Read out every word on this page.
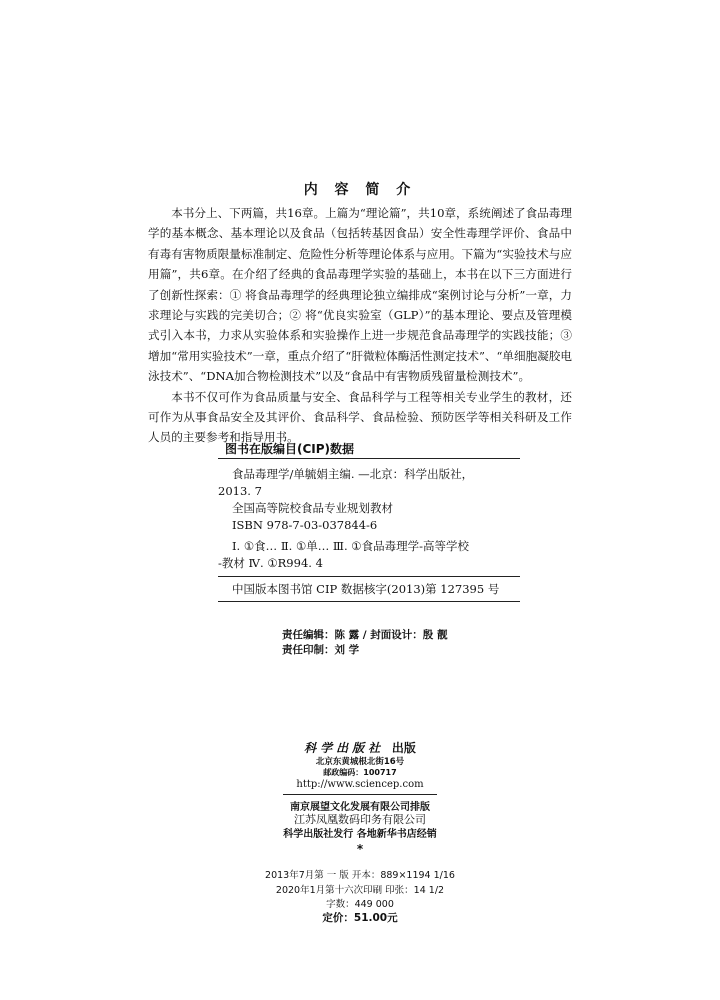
内 容 简 介

本书分上、下两篇，共16章。上篇为“理论篇”，共10章，系统阐述了食品毒理学的基本概念、基本理论以及食品（包括转基因食品）安全性毒理学评价、食品中有毒有害物质限量标准制定、危险性分析等理论体系与应用。下篇为“实验技术与应用篇”，共6章。在介绍了经典的食品毒理学实验的基础上，本书在以下三方面进行了创新性探索：① 将食品毒理学的经典理论独立编排成“案例讨论与分析”一章，力求理论与实践的完美切合；② 将“优良实验室（GLP）”的基本理论、要点及管理模式引入本书，力求从实验体系和实验操作上进一步规范食品毒理学的实践技能；③ 增加“常用实验技术”一章，重点介绍了“肝微粒体酶活性测定技术”、“单细胞凝胶电泳技术”、“DNA加合物检测技术”以及“食品中有害物质残留量检测技术”。

本书不仅可作为食品质量与安全、食品科学与工程等相关专业学生的教材，还可作为从事食品安全及其评价、食品科学、食品检验、预防医学等相关科研及工作人员的主要参考和指导用书。

图书在版编目(CIP)数据
食品毒理学/单毓娟主编. —北京：科学出版社，
2013. 7
全国高等院校食品专业规划教材
ISBN 978-7-03-037844-6
Ⅰ. ①食… Ⅱ. ①单… Ⅲ. ①食品毒理学-高等学校
-教材 Ⅳ. ①R994. 4
中国版本图书馆 CIP 数据核字(2013)第 127395 号
责任编辑：陈 露 / 封面设计：殷 靓
责任印制：刘 学
科学出版社 出版
北京东黄城根北街16号
邮政编码：100717
http://www.sciencep.com
南京展望文化发展有限公司排版
江苏凤凰数码印务有限公司
科学出版社发行 各地新华书店经销
*
2013年7月第 一 版 开本：889×1194 1/16
2020年1月第十六次印刷 印张：14 1/2
字数：449 000
定价：51.00元
